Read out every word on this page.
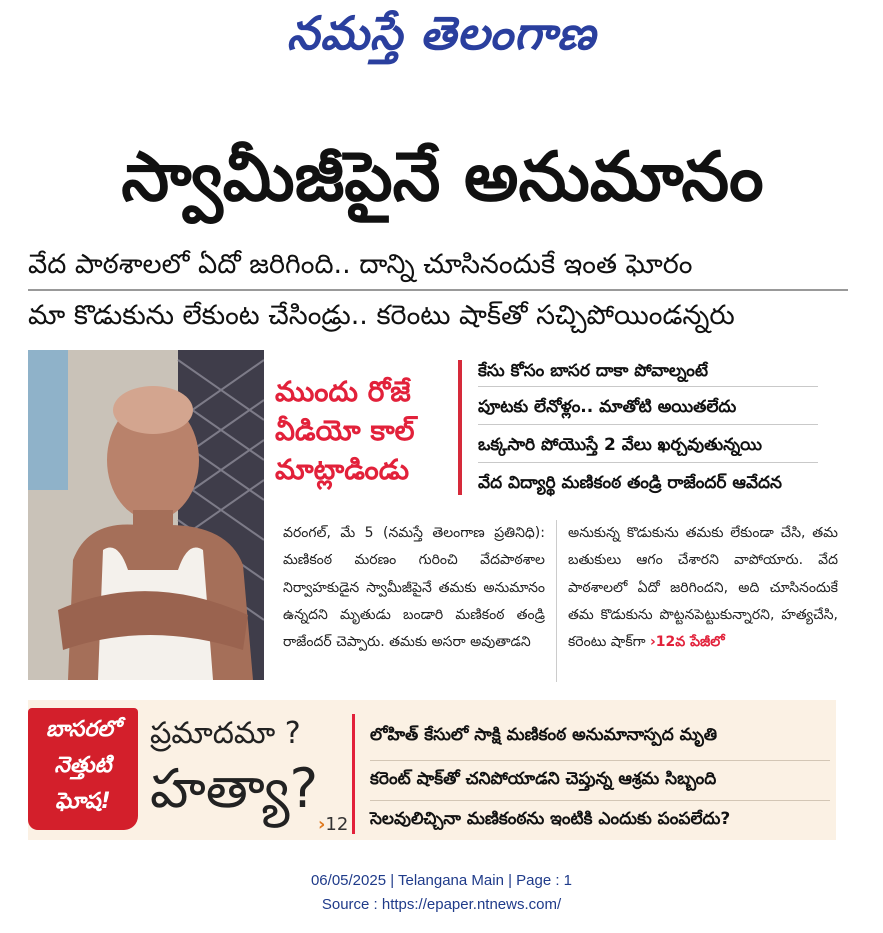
నమస్తే తెలంగాణ
స్వామీజీపైనే అనుమానం
వేద పాఠశాలలో ఏదో జరిగింది.. దాన్ని చూసినందుకే ఇంత ఘోరం
మా కొడుకును లేకుంట చేసిండ్రు.. కరెంటు షాక్‌తో సచ్చిపోయిండన్నరు
ముందు రోజే
వీడియో కాల్
మాట్లాడిండు
కేసు కోసం బాసర దాకా పోవాల్నంటే
పూటకు లేనోళ్లం.. మాతోటి అయితలేదు
ఒక్కసారి పోయొస్తే 2 వేలు ఖర్చవుతున్నయి
వేద విద్యార్థి మణికంఠ తండ్రి రాజేందర్ ఆవేదన
వరంగల్, మే 5 (నమస్తే తెలంగాణ ప్రతినిధి): మణికంఠ మరణం గురించి వేదపాఠశాల నిర్వాహకుడైన స్వామీజీపైనే తమకు అనుమానం ఉన్నదని మృతుడు బండారి మణికంఠ తండ్రి రాజేందర్ చెప్పారు. తమకు అసరా అవుతాడని
అనుకున్న కొడుకును తమకు లేకుండా చేసి, తమ బతుకులు ఆగం చేశారని వాపోయారు. వేద పాఠశాలలో ఏదో జరిగిందని, అది చూసినందుకే తమ కొడుకును పొట్టనపెట్టుకున్నారని, హత్యచేసి, కరెంటు షాక్‌గా ›12వ పేజీలో
బాసరలో
నెత్తుటి
ఘోష!
ప్రమాదమా ?
హత్యా?
›12
లోహిత్ కేసులో సాక్షి మణికంఠ అనుమానాస్పద మృతి
కరెంట్ షాక్‌తో చనిపోయాడని చెప్తున్న ఆశ్రమ సిబ్బంది
సెలవులిచ్చినా మణికంఠను ఇంటికి ఎందుకు పంపలేదు?
06/05/2025 | Telangana Main | Page : 1
Source : https://epaper.ntnews.com/
